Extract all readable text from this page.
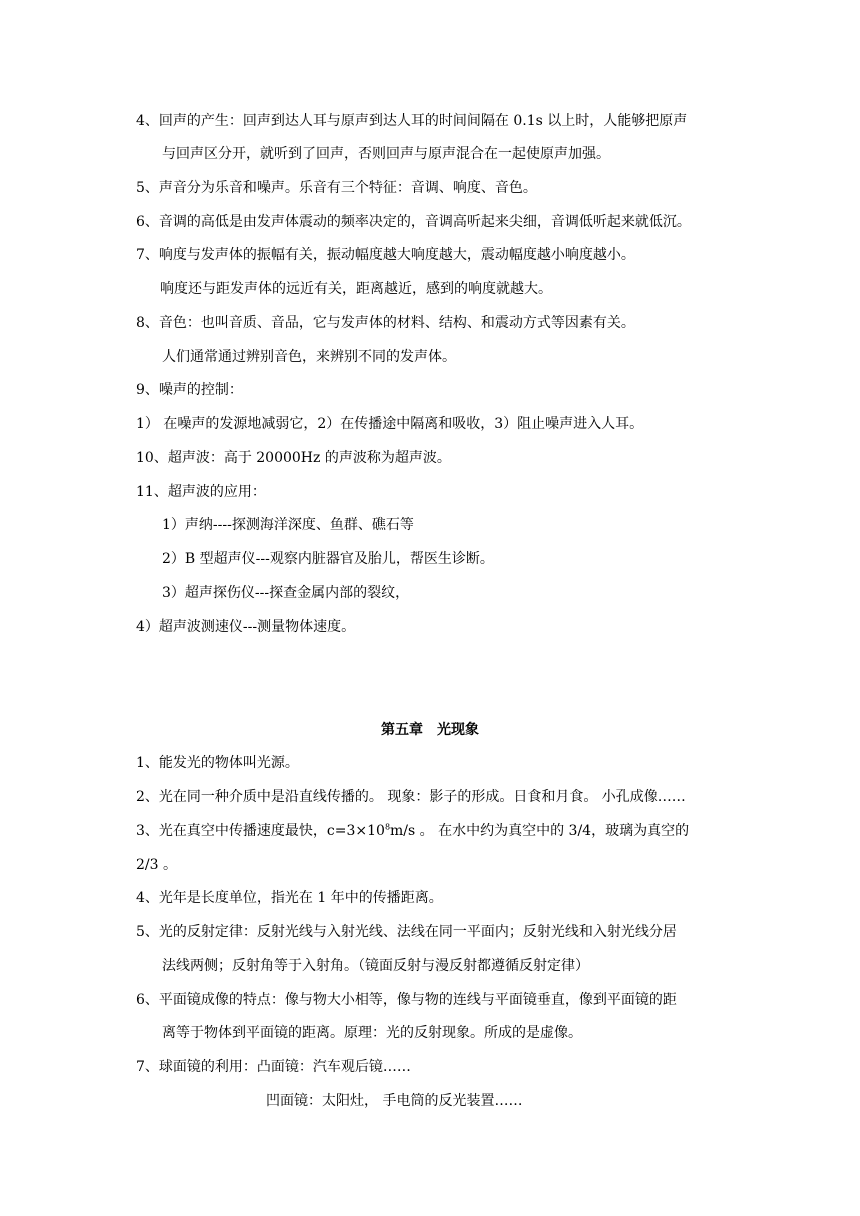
4、回声的产生：回声到达人耳与原声到达人耳的时间间隔在 0.1s 以上时，人能够把原声
与回声区分开，就听到了回声，否则回声与原声混合在一起使原声加强。
5、声音分为乐音和噪声。乐音有三个特征：音调、响度、音色。
6、音调的高低是由发声体震动的频率决定的，音调高听起来尖细，音调低听起来就低沉。
7、响度与发声体的振幅有关，振动幅度越大响度越大，震动幅度越小响度越小。
响度还与距发声体的远近有关，距离越近，感到的响度就越大。
8、音色：也叫音质、音品，它与发声体的材料、结构、和震动方式等因素有关。
人们通常通过辨别音色，来辨别不同的发声体。
9、噪声的控制：
1） 在噪声的发源地减弱它，2）在传播途中隔离和吸收，3）阻止噪声进入人耳。
10、超声波：高于 20000Hz 的声波称为超声波。
11、超声波的应用：
1）声纳----探测海洋深度、鱼群、礁石等
2）B 型超声仪---观察内脏器官及胎儿，帮医生诊断。
3）超声探伤仪---探查金属内部的裂纹，
4）超声波测速仪---测量物体速度。
第五章　光现象
1、能发光的物体叫光源。
2、光在同一种介质中是沿直线传播的。 现象：影子的形成。日食和月食。 小孔成像……
3、光在真空中传播速度最快，$c=3\times 10^8m/s$ 。 在水中约为真空中的 3/4，玻璃为真空的
2/3 。
4、光年是长度单位，指光在 1 年中的传播距离。
5、光的反射定律：反射光线与入射光线、法线在同一平面内；反射光线和入射光线分居
法线两侧；反射角等于入射角。（镜面反射与漫反射都遵循反射定律）
6、平面镜成像的特点：像与物大小相等，像与物的连线与平面镜垂直，像到平面镜的距
离等于物体到平面镜的距离。原理：光的反射现象。所成的是虚像。
7、球面镜的利用：凸面镜：汽车观后镜……
凹面镜：太阳灶， 手电筒的反光装置……
